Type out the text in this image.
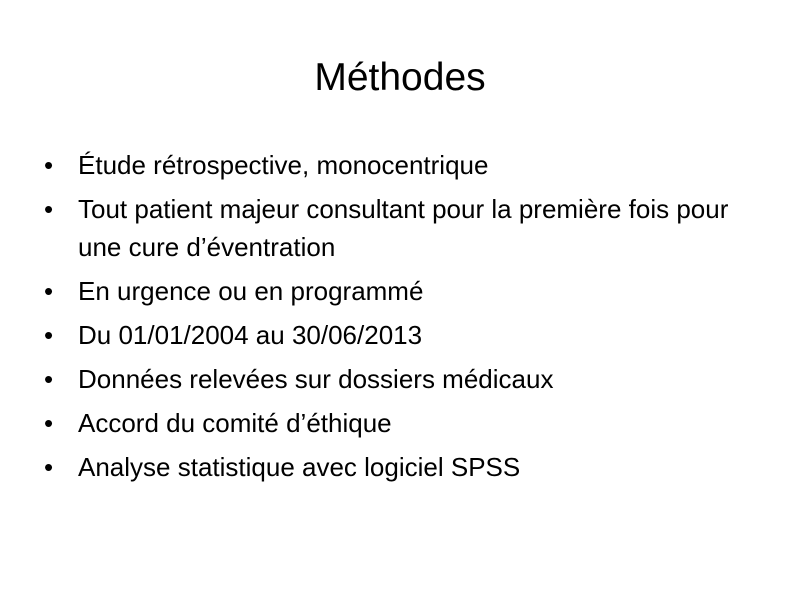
Méthodes
• Étude rétrospective, monocentrique
• Tout patient majeur consultant pour la première fois pour une cure d’éventration
• En urgence ou en programmé
• Du 01/01/2004 au 30/06/2013
• Données relevées sur dossiers médicaux
• Accord du comité d’éthique
• Analyse statistique avec logiciel SPSS
